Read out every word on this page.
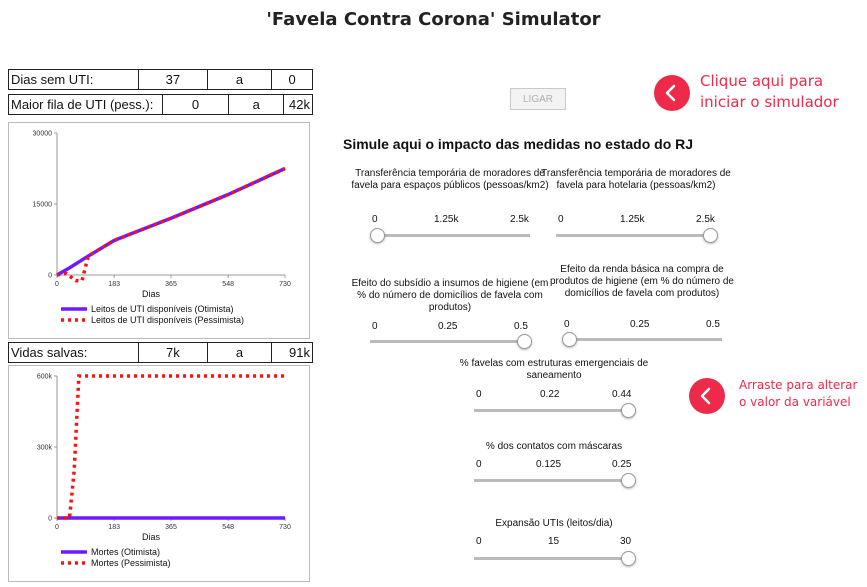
'Favela Contra Corona' Simulator
Dias sem UTI:	37	a	0
Maior fila de UTI (pess.):	0	a	42k
0	183	365	548	730
0
15000
30000
Dias
Leitos de UTI disponíveis (Otimista)
Leitos de UTI disponíveis (Pessimista)
Vidas salvas:	7k	a	91k
0	183	365	548	730
0
300k
600k
Dias
Mortes (Otimista)
Mortes (Pessimista)
LIGAR
Clique aqui para
iniciar o simulador
Arraste para alterar
o valor da variável
Simule aqui o impacto das medidas no estado do RJ
Transferência temporária de moradores de favela para espaços públicos (pessoas/km2)
0	1.25k	2.5k
Transferência temporária de moradores de favela para hotelaria (pessoas/km2)
0	1.25k	2.5k
Efeito do subsídio a insumos de higiene (em % do número de domicílios de favela com produtos)
0	0.25	0.5
Efeito da renda básica na compra de produtos de higiene (em % do número de domicílios de favela com produtos)
0	0.25	0.5
% favelas com estruturas emergenciais de saneamento
0	0.22	0.44
% dos contatos com máscaras
0	0.125	0.25
Expansão UTIs (leitos/dia)
0	15	30
